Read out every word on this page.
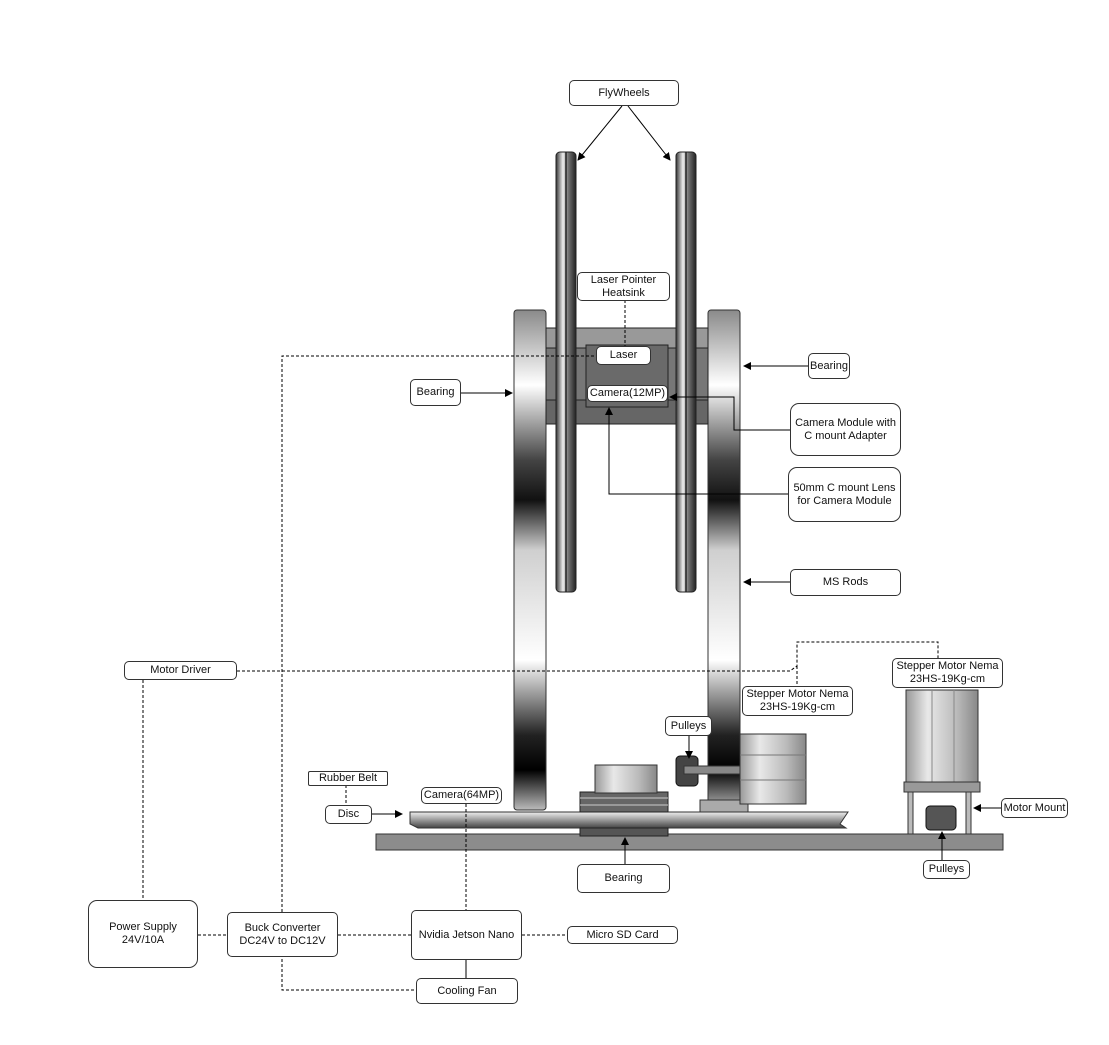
FlyWheels
Laser Pointer
Heatsink
Laser
Camera(12MP)
Bearing
Bearing
Camera Module with
C mount Adapter
50mm C mount Lens
for Camera Module
MS Rods
Motor Driver	Stepper Motor Nema
23HS-19Kg-cm
Stepper Motor Nema
23HS-19Kg-cm
Pulleys
Rubber Belt
Disc
Camera(64MP)
Motor Mount
Bearing
Pulleys
Power Supply
24V/10A
Buck Converter
DC24V to DC12V	Nvidia Jetson Nano	Micro SD Card
Cooling Fan
